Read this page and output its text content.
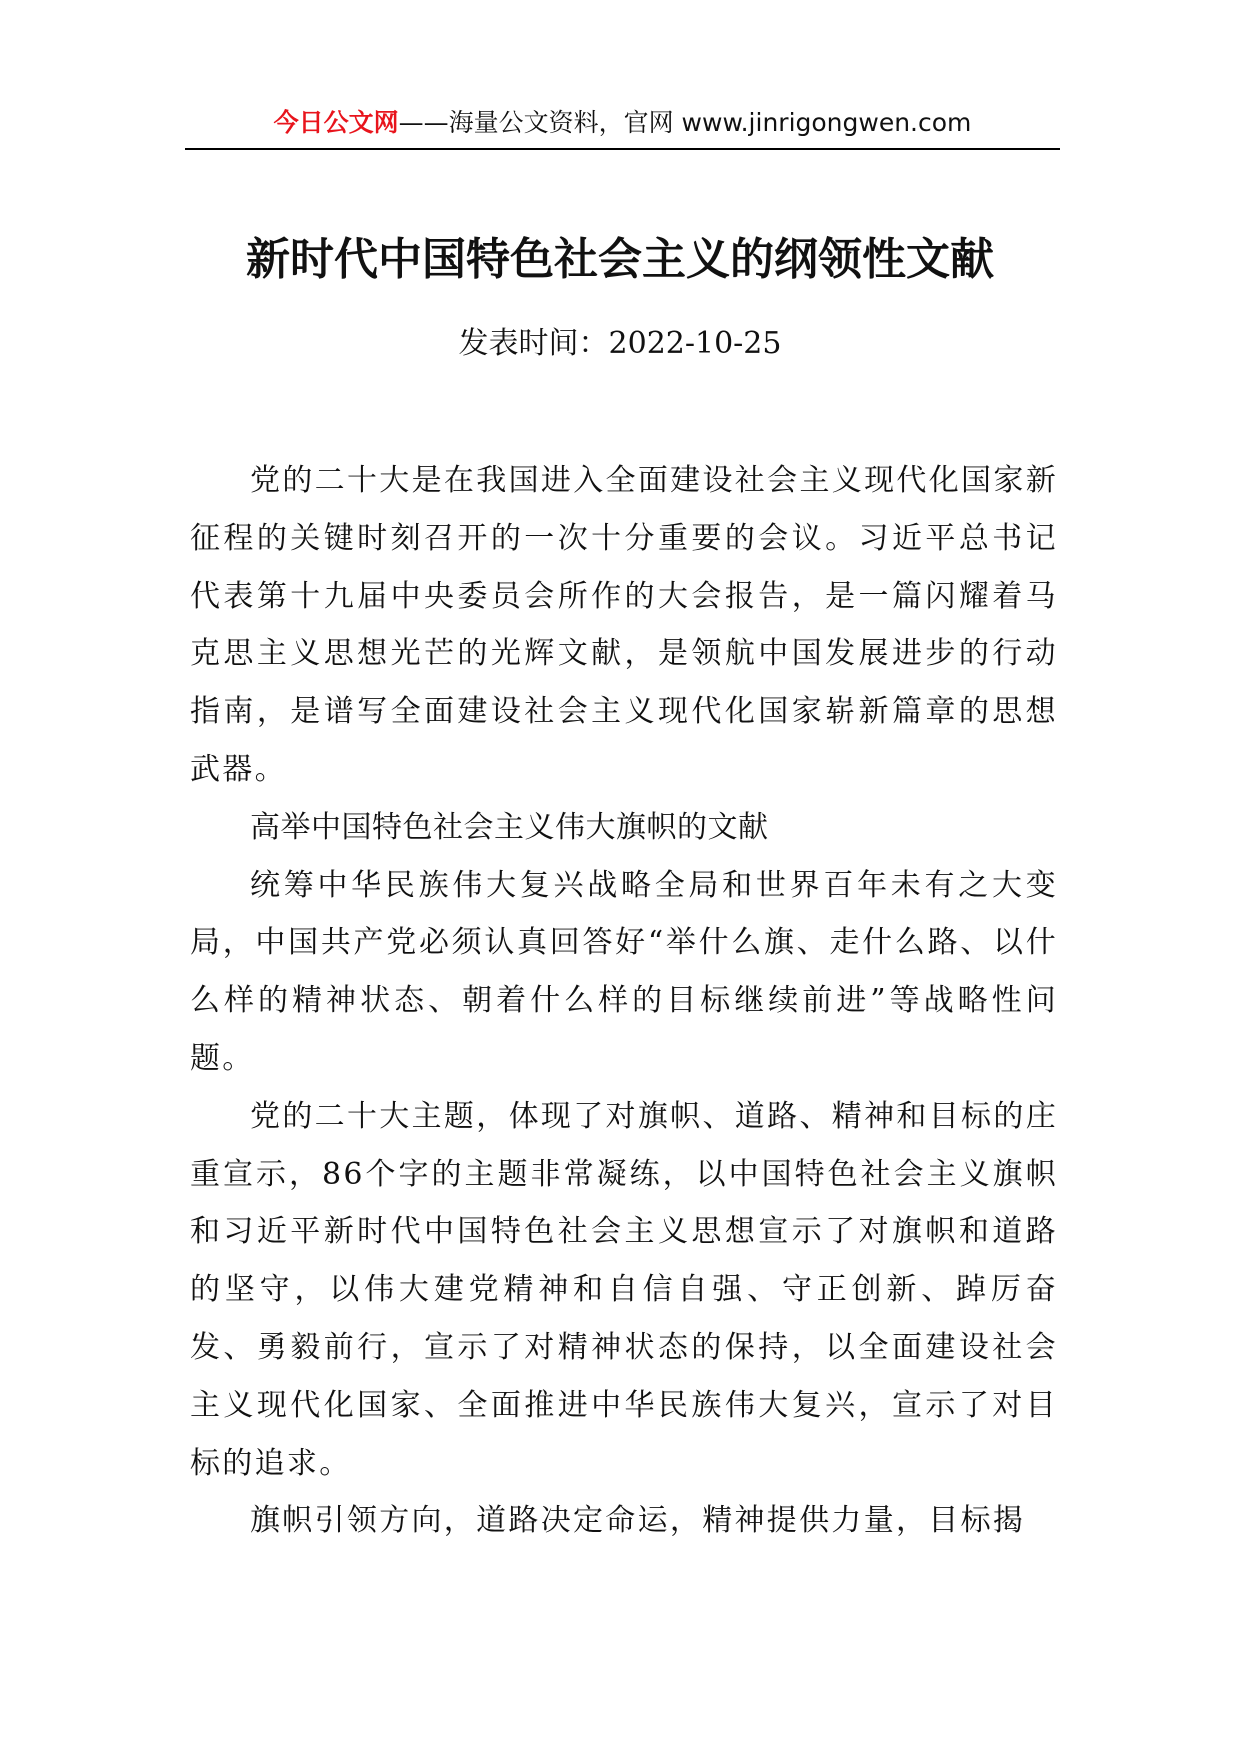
今日公文网——海量公文资料，官网 www.jinrigongwen.com
新时代中国特色社会主义的纲领性文献
发表时间：2022-10-25

党的二十大是在我国进入全面建设社会主义现代化国家新征程的关键时刻召开的一次十分重要的会议。习近平总书记代表第十九届中央委员会所作的大会报告，是一篇闪耀着马克思主义思想光芒的光辉文献，是领航中国发展进步的行动指南，是谱写全面建设社会主义现代化国家崭新篇章的思想武器。

高举中国特色社会主义伟大旗帜的文献

统筹中华民族伟大复兴战略全局和世界百年未有之大变局，中国共产党必须认真回答好“举什么旗、走什么路、以什么样的精神状态、朝着什么样的目标继续前进”等战略性问题。

党的二十大主题，体现了对旗帜、道路、精神和目标的庄重宣示，86个字的主题非常凝练，以中国特色社会主义旗帜和习近平新时代中国特色社会主义思想宣示了对旗帜和道路的坚守，以伟大建党精神和自信自强、守正创新、踔厉奋发、勇毅前行，宣示了对精神状态的保持，以全面建设社会主义现代化国家、全面推进中华民族伟大复兴，宣示了对目标的追求。

旗帜引领方向，道路决定命运，精神提供力量，目标揭
